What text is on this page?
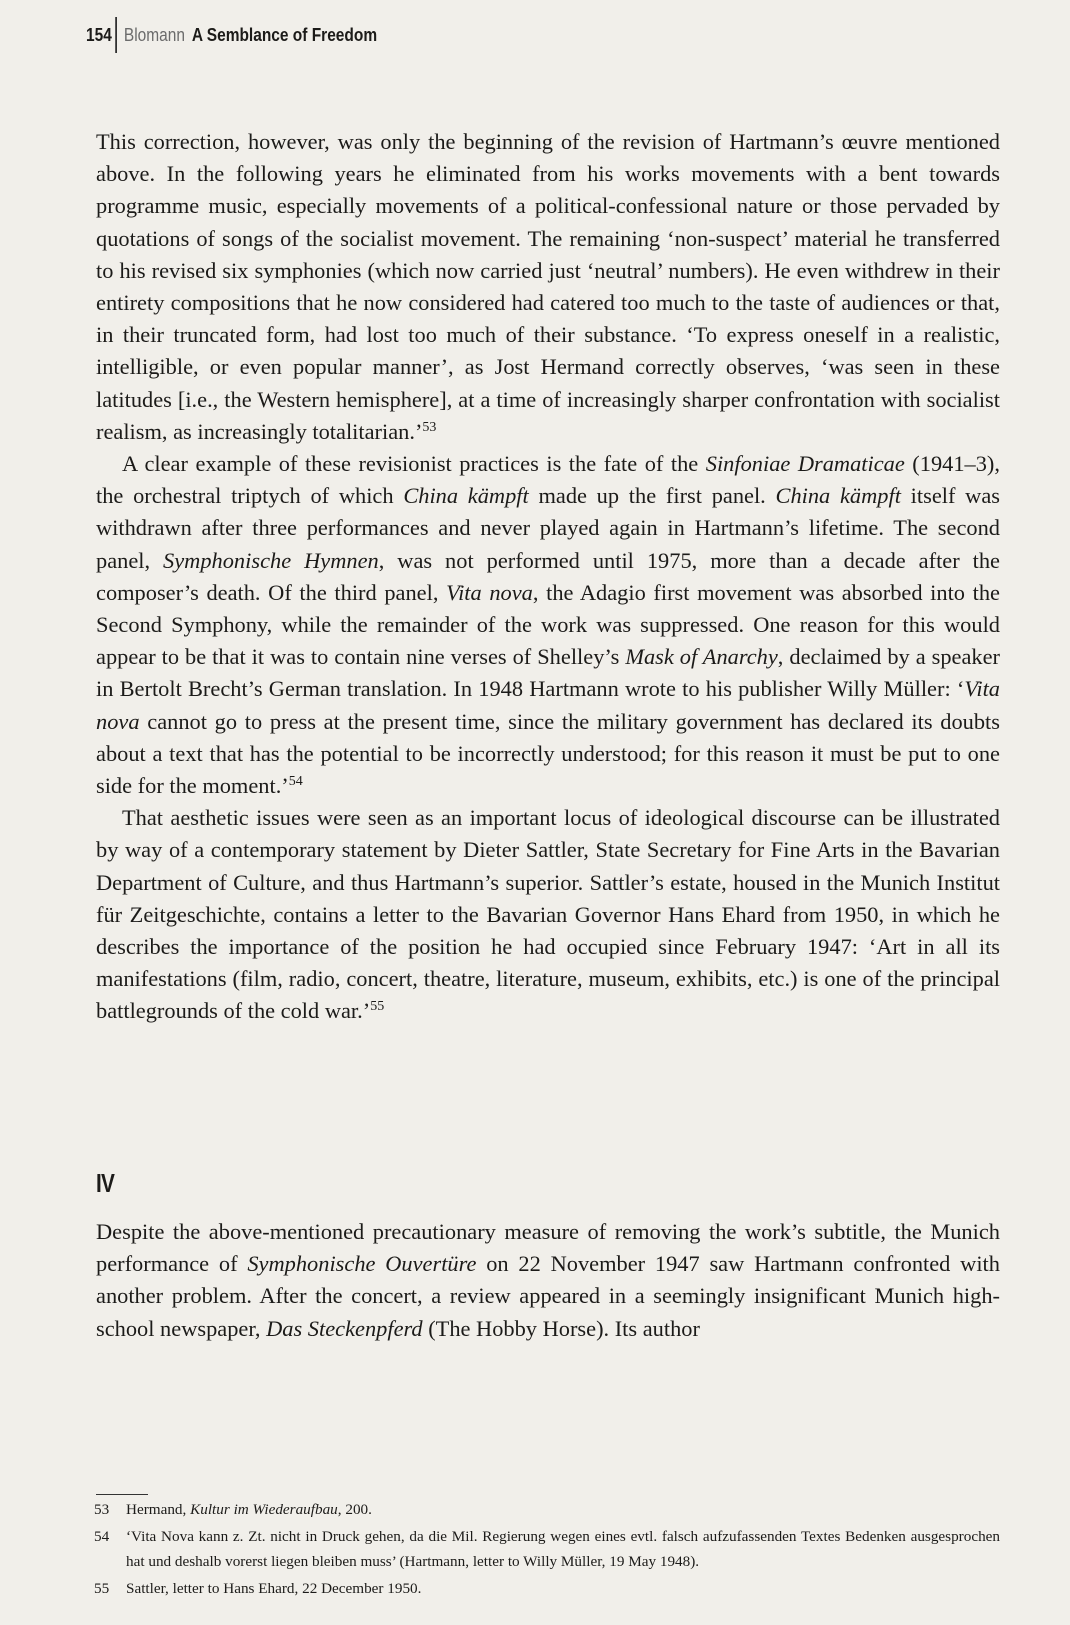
154 Blomann A Semblance of Freedom

This correction, however, was only the beginning of the revision of Hartmann’s œuvre mentioned above. In the following years he eliminated from his works movements with a bent towards programme music, especially movements of a political-confessional nature or those pervaded by quotations of songs of the socialist movement. The remaining ‘non-suspect’ material he transferred to his revised six symphonies (which now carried just ‘neutral’ numbers). He even withdrew in their entirety compositions that he now considered had catered too much to the taste of audiences or that, in their truncated form, had lost too much of their substance. ‘To express oneself in a realistic, intelligible, or even popular manner’, as Jost Hermand correctly observes, ‘was seen in these latitudes [i.e., the Western hemisphere], at a time of increasingly sharper confrontation with socialist realism, as increasingly totalitarian.’$^{53}$

A clear example of these revisionist practices is the fate of the Sinfoniae Dramaticae (1941–3), the orchestral triptych of which China kämpft made up the first panel. China kämpft itself was withdrawn after three performances and never played again in Hartmann’s lifetime. The second panel, Symphonische Hymnen, was not performed until 1975, more than a decade after the composer’s death. Of the third panel, Vita nova, the Adagio first movement was absorbed into the Second Symphony, while the remainder of the work was suppressed. One reason for this would appear to be that it was to contain nine verses of Shelley’s Mask of Anarchy, declaimed by a speaker in Bertolt Brecht’s German translation. In 1948 Hartmann wrote to his publisher Willy Müller: ‘Vita nova cannot go to press at the present time, since the military government has declared its doubts about a text that has the potential to be incorrectly understood; for this reason it must be put to one side for the moment.’$^{54}$

That aesthetic issues were seen as an important locus of ideological discourse can be illustrated by way of a contemporary statement by Dieter Sattler, State Secretary for Fine Arts in the Bavarian Department of Culture, and thus Hartmann’s superior. Sattler’s estate, housed in the Munich Institut für Zeitgeschichte, contains a letter to the Bavarian Governor Hans Ehard from 1950, in which he describes the importance of the position he had occupied since February 1947: ‘Art in all its manifestations (film, radio, concert, theatre, literature, museum, exhibits, etc.) is one of the principal battlegrounds of the cold war.’$^{55}$

IV

Despite the above-mentioned precautionary measure of removing the work’s subtitle, the Munich performance of Symphonische Ouvertüre on 22 November 1947 saw Hartmann confronted with another problem. After the concert, a review appeared in a seemingly insignificant Munich high-school newspaper, Das Steckenpferd (The Hobby Horse). Its author

53	Hermand, Kultur im Wiederaufbau, 200.
54	‘Vita Nova kann z. Zt. nicht in Druck gehen, da die Mil. Regierung wegen eines evtl. falsch aufzufassenden Textes Bedenken ausgesprochen hat und deshalb vorerst liegen bleiben muss’ (Hartmann, letter to Willy Müller, 19 May 1948).
55	Sattler, letter to Hans Ehard, 22 December 1950.
